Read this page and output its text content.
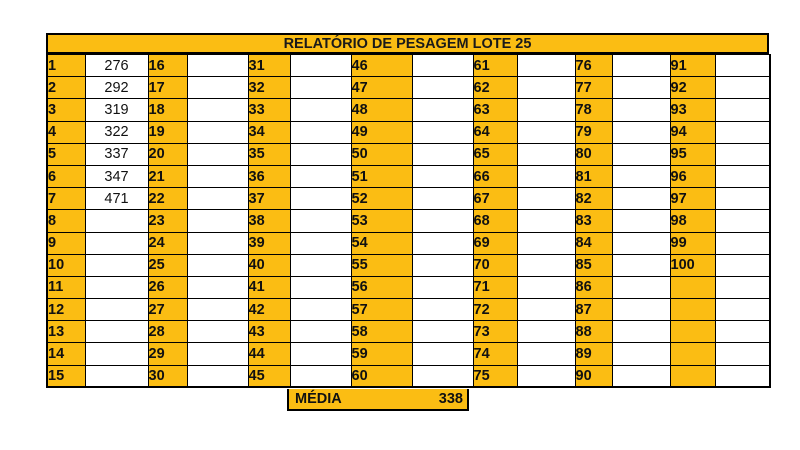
RELATÓRIO DE PESAGEM LOTE 25
1	276	16		31		46		61		76		91	
2	292	17		32		47		62		77		92	
3	319	18		33		48		63		78		93	
4	322	19		34		49		64		79		94	
5	337	20		35		50		65		80		95	
6	347	21		36		51		66		81		96	
7	471	22		37		52		67		82		97	
8		23		38		53		68		83		98	
9		24		39		54		69		84		99	
10		25		40		55		70		85		100	
11		26		41		56		71		86			
12		27		42		57		72		87			
13		28		43		58		73		88			
14		29		44		59		74		89			
15		30		45		60		75		90			
MÉDIA	338
